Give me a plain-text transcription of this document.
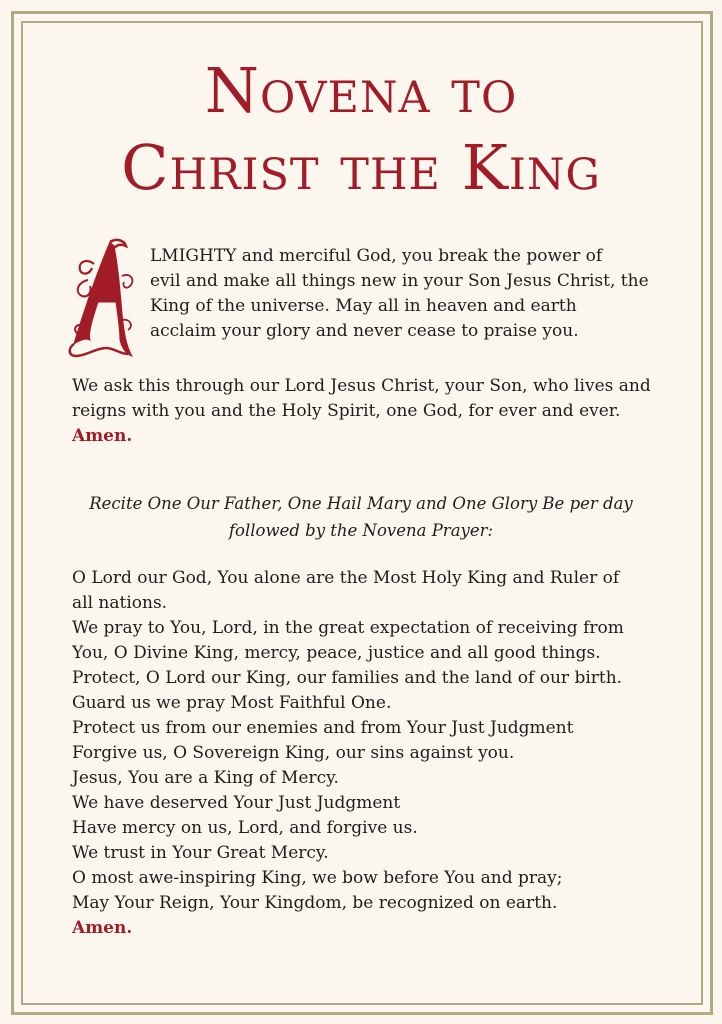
Novena to
Christ the King

LMIGHTY and merciful God, you break the power of

evil and make all things new in your Son Jesus Christ, the

King of the universe. May all in heaven and earth

acclaim your glory and never cease to praise you.

We ask this through our Lord Jesus Christ, your Son, who lives and

reigns with you and the Holy Spirit, one God, for ever and ever.

Amen.

Recite One Our Father, One Hail Mary and One Glory Be per day

followed by the Novena Prayer:

O Lord our God, You alone are the Most Holy King and Ruler of

all nations.

We pray to You, Lord, in the great expectation of receiving from

You, O Divine King, mercy, peace, justice and all good things.

Protect, O Lord our King, our families and the land of our birth.

Guard us we pray Most Faithful One.

Protect us from our enemies and from Your Just Judgment

Forgive us, O Sovereign King, our sins against you.

Jesus, You are a King of Mercy.

We have deserved Your Just Judgment

Have mercy on us, Lord, and forgive us.

We trust in Your Great Mercy.

O most awe-inspiring King, we bow before You and pray;

May Your Reign, Your Kingdom, be recognized on earth.

Amen.
